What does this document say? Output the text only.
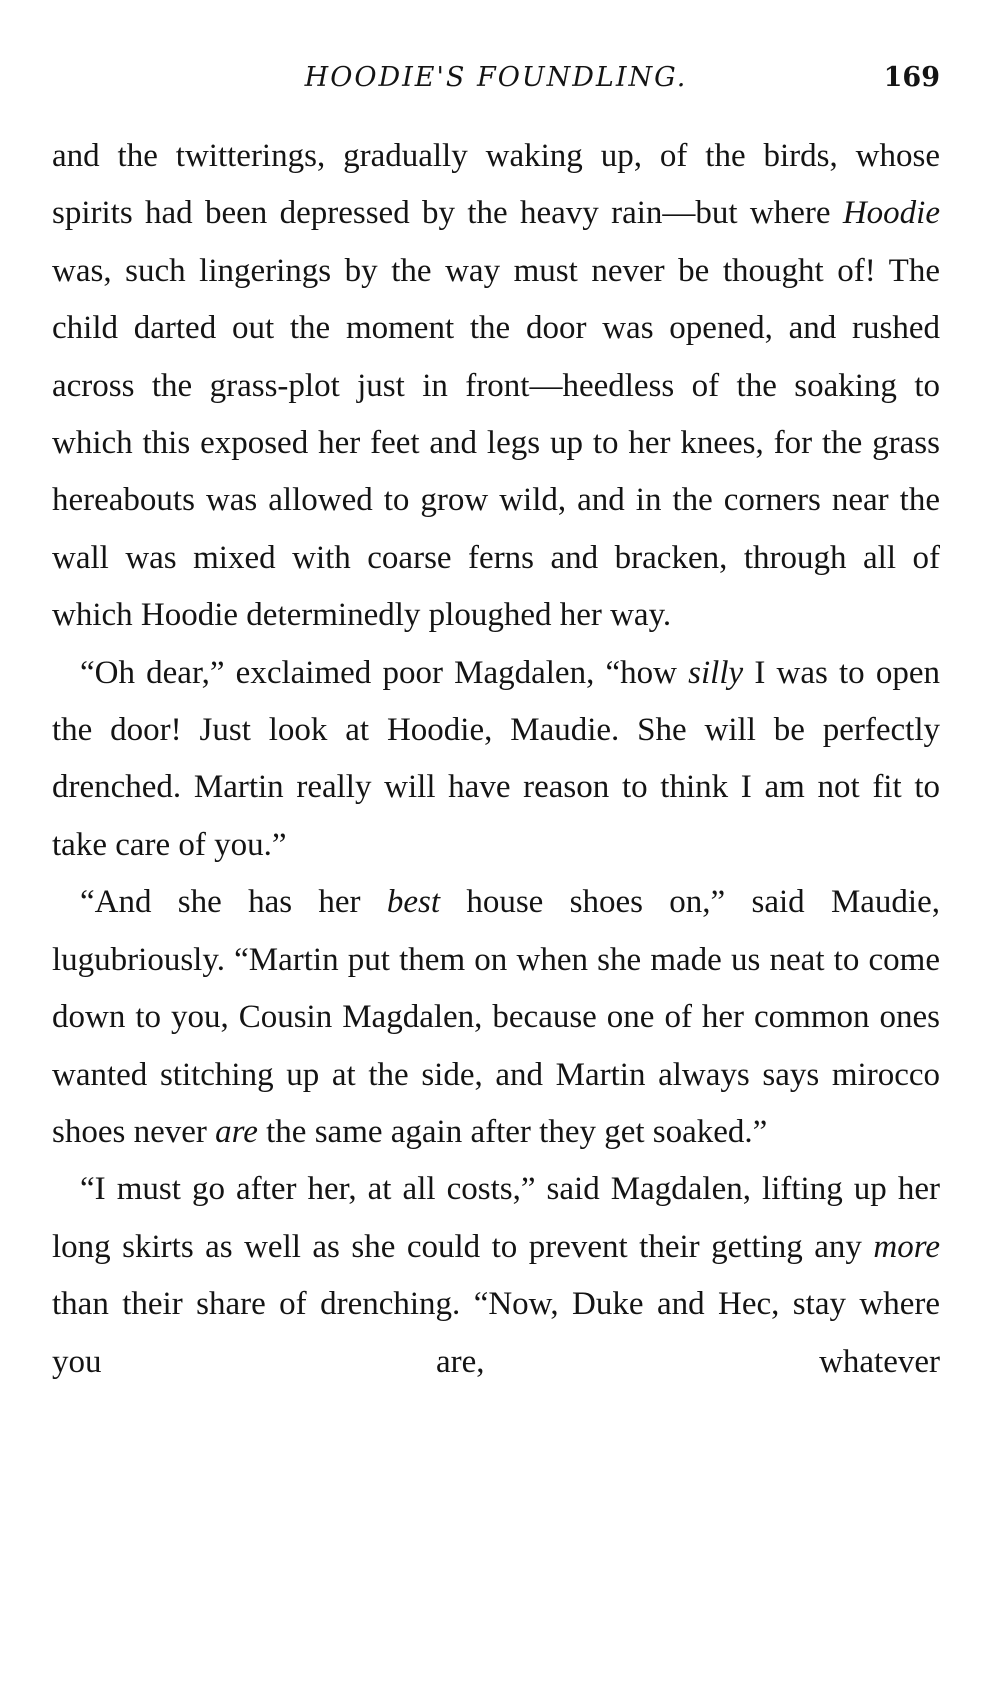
HOODIE'S FOUNDLING.	169

and the twitterings, gradually waking up, of the birds, whose spirits had been depressed by the heavy rain—but where Hoodie was, such lingerings by the way must never be thought of! The child darted out the moment the door was opened, and rushed across the grass-plot just in front—heedless of the soaking to which this exposed her feet and legs up to her knees, for the grass hereabouts was allowed to grow wild, and in the corners near the wall was mixed with coarse ferns and bracken, through all of which Hoodie determinedly ploughed her way.

“Oh dear,” exclaimed poor Magdalen, “how silly I was to open the door! Just look at Hoodie, Maudie. She will be perfectly drenched. Martin really will have reason to think I am not fit to take care of you.”

“And she has her best house shoes on,” said Maudie, lugubriously. “Martin put them on when she made us neat to come down to you, Cousin Magdalen, because one of her common ones wanted stitching up at the side, and Martin always says mirocco shoes never are the same again after they get soaked.”

“I must go after her, at all costs,” said Magdalen, lifting up her long skirts as well as she could to prevent their getting any more than their share of drenching. “Now, Duke and Hec, stay where you are, whatever
